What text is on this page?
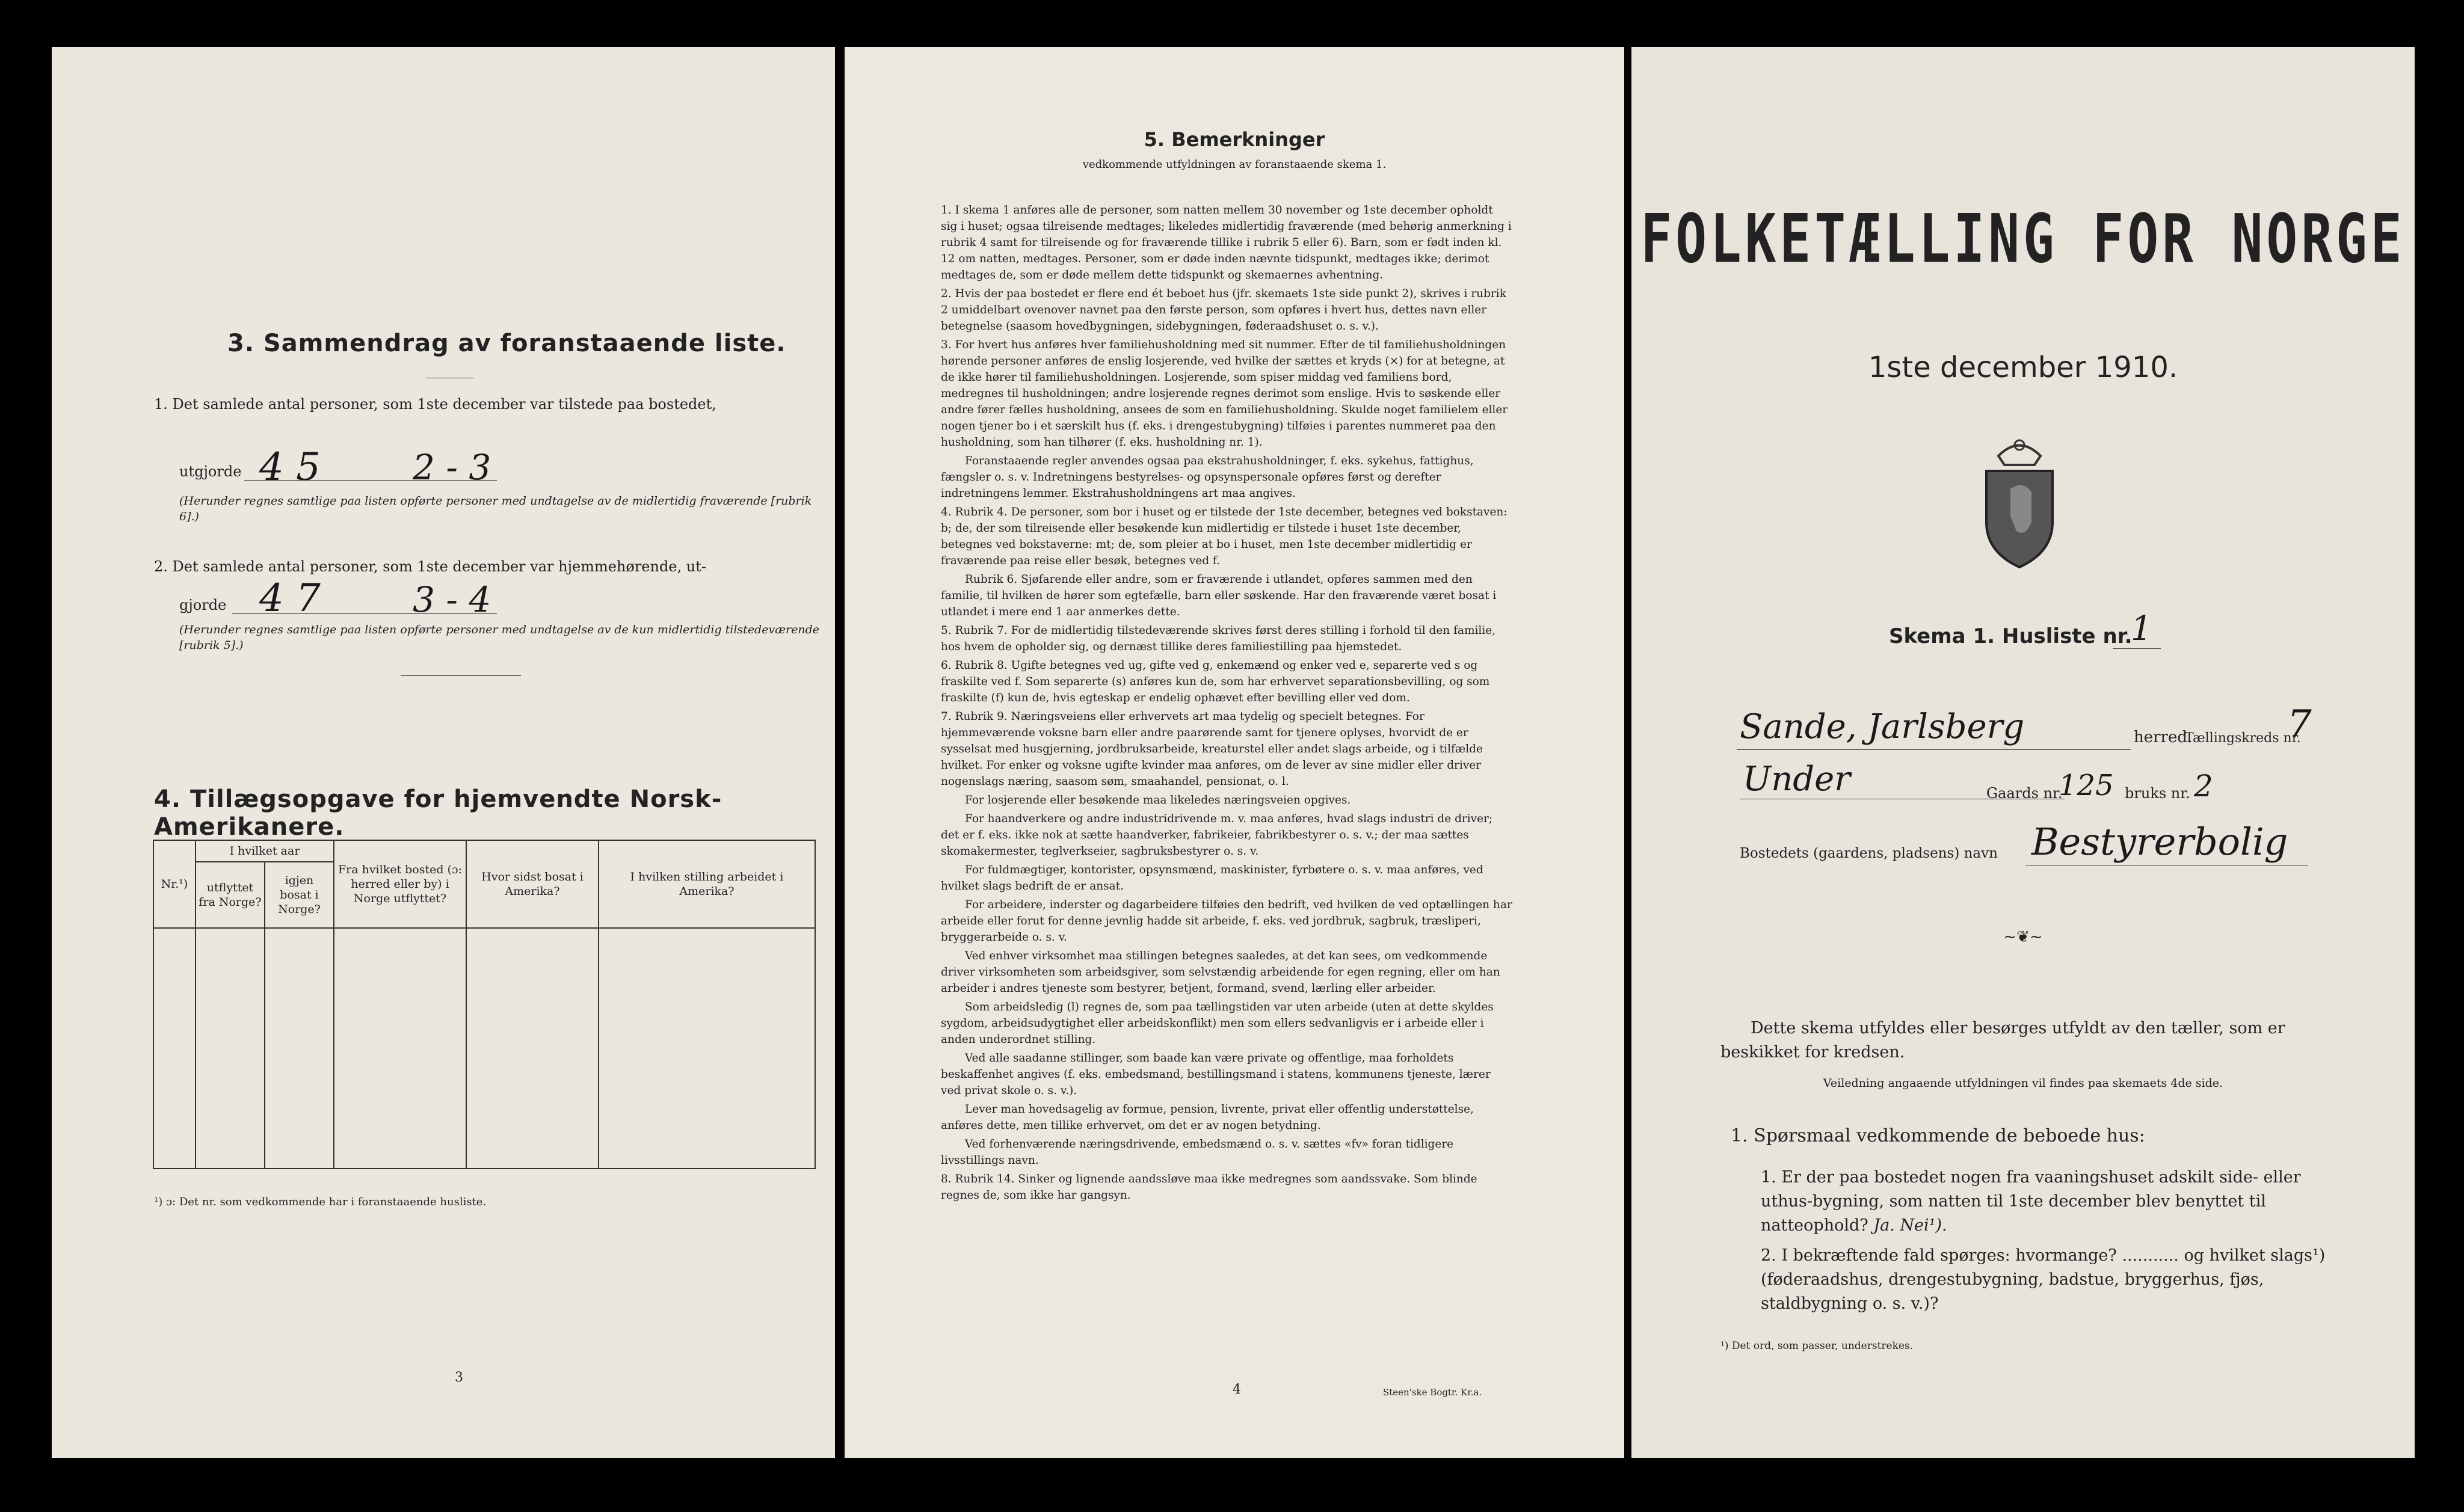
3. Sammendrag av foranstaaende liste.
1. Det samlede antal personer, som 1ste december var tilstede paa bostedet,
utgjorde 4 5	2 - 3
(Herunder regnes samtlige paa listen opførte personer med undtagelse av de midlertidig fraværende [rubrik 6].)
2. Det samlede antal personer, som 1ste december var hjemmehørende, ut-
gjorde 4 7	3 - 4
(Herunder regnes samtlige paa listen opførte personer med undtagelse av de kun midlertidig tilstedeværende [rubrik 5].)
4. Tillægsopgave for hjemvendte Norsk-Amerikanere.
Nr.¹)	I hvilket aar		Fra hvilket bosted (ɔ: herred eller by) i Norge utflyttet?	Hvor sidst bosat i Amerika?	I hvilken stilling arbeidet i Amerika?
	utflyttet fra Norge?	igjen bosat i Norge?			

¹) ɔ: Det nr. som vedkommende har i foranstaaende husliste.
3
5. Bemerkninger
vedkommende utfyldningen av foranstaaende skema 1.

1. I skema 1 anføres alle de personer, som natten mellem 30 november og 1ste december opholdt sig i huset; ogsaa tilreisende medtages; likeledes midlertidig fraværende (med behørig anmerkning i rubrik 4 samt for tilreisende og for fraværende tillike i rubrik 5 eller 6). Barn, som er født inden kl. 12 om natten, medtages. Personer, som er døde inden nævnte tidspunkt, medtages ikke; derimot medtages de, som er døde mellem dette tidspunkt og skemaernes avhentning.

2. Hvis der paa bostedet er flere end ét beboet hus (jfr. skemaets 1ste side punkt 2), skrives i rubrik 2 umiddelbart ovenover navnet paa den første person, som opføres i hvert hus, dettes navn eller betegnelse (saasom hovedbygningen, sidebygningen, føderaadshuset o. s. v.).

3. For hvert hus anføres hver familiehusholdning med sit nummer. Efter de til familiehusholdningen hørende personer anføres de enslig losjerende, ved hvilke der sættes et kryds (×) for at betegne, at de ikke hører til familiehusholdningen. Losjerende, som spiser middag ved familiens bord, medregnes til husholdningen; andre losjerende regnes derimot som enslige. Hvis to søskende eller andre fører fælles husholdning, ansees de som en familiehusholdning. Skulde noget familielem eller nogen tjener bo i et særskilt hus (f. eks. i drengestubygning) tilføies i parentes nummeret paa den husholdning, som han tilhører (f. eks. husholdning nr. 1).

Foranstaaende regler anvendes ogsaa paa ekstrahusholdninger, f. eks. sykehus, fattighus, fængsler o. s. v. Indretningens bestyrelses- og opsynspersonale opføres først og derefter indretningens lemmer. Ekstrahusholdningens art maa angives.

4. Rubrik 4. De personer, som bor i huset og er tilstede der 1ste december, betegnes ved bokstaven: b; de, der som tilreisende eller besøkende kun midlertidig er tilstede i huset 1ste december, betegnes ved bokstaverne: mt; de, som pleier at bo i huset, men 1ste december midlertidig er fraværende paa reise eller besøk, betegnes ved f.

Rubrik 6. Sjøfarende eller andre, som er fraværende i utlandet, opføres sammen med den familie, til hvilken de hører som egtefælle, barn eller søskende. Har den fraværende været bosat i utlandet i mere end 1 aar anmerkes dette.

5. Rubrik 7. For de midlertidig tilstedeværende skrives først deres stilling i forhold til den familie, hos hvem de opholder sig, og dernæst tillike deres familiestilling paa hjemstedet.

6. Rubrik 8. Ugifte betegnes ved ug, gifte ved g, enkemænd og enker ved e, separerte ved s og fraskilte ved f. Som separerte (s) anføres kun de, som har erhvervet separationsbevilling, og som fraskilte (f) kun de, hvis egteskap er endelig ophævet efter bevilling eller ved dom.

7. Rubrik 9. Næringsveiens eller erhvervets art maa tydelig og specielt betegnes. For hjemmeværende voksne barn eller andre paarørende samt for tjenere oplyses, hvorvidt de er sysselsat med husgjerning, jordbruksarbeide, kreaturstel eller andet slags arbeide, og i tilfælde hvilket. For enker og voksne ugifte kvinder maa anføres, om de lever av sine midler eller driver nogenslags næring, saasom søm, smaahandel, pensionat, o. l.

For losjerende eller besøkende maa likeledes næringsveien opgives.

For haandverkere og andre industridrivende m. v. maa anføres, hvad slags industri de driver; det er f. eks. ikke nok at sætte haandverker, fabrikeier, fabrikbestyrer o. s. v.; der maa sættes skomakermester, teglverkseier, sagbruksbestyrer o. s. v.

For fuldmægtiger, kontorister, opsynsmænd, maskinister, fyrbøtere o. s. v. maa anføres, ved hvilket slags bedrift de er ansat.

For arbeidere, inderster og dagarbeidere tilføies den bedrift, ved hvilken de ved optællingen har arbeide eller forut for denne jevnlig hadde sit arbeide, f. eks. ved jordbruk, sagbruk, træsliperi, bryggerarbeide o. s. v.

Ved enhver virksomhet maa stillingen betegnes saaledes, at det kan sees, om vedkommende driver virksomheten som arbeidsgiver, som selvstændig arbeidende for egen regning, eller om han arbeider i andres tjeneste som bestyrer, betjent, formand, svend, lærling eller arbeider.

Som arbeidsledig (l) regnes de, som paa tællingstiden var uten arbeide (uten at dette skyldes sygdom, arbeidsudygtighet eller arbeidskonflikt) men som ellers sedvanligvis er i arbeide eller i anden underordnet stilling.

Ved alle saadanne stillinger, som baade kan være private og offentlige, maa forholdets beskaffenhet angives (f. eks. embedsmand, bestillingsmand i statens, kommunens tjeneste, lærer ved privat skole o. s. v.).

Lever man hovedsagelig av formue, pension, livrente, privat eller offentlig understøttelse, anføres dette, men tillike erhvervet, om det er av nogen betydning.

Ved forhenværende næringsdrivende, embedsmænd o. s. v. sættes «fv» foran tidligere livsstillings navn.

8. Rubrik 14. Sinker og lignende aandssløve maa ikke medregnes som aandssvake. Som blinde regnes de, som ikke har gangsyn.

4	Steen'ske Bogtr. Kr.a.
FOLKETÆLLING FOR NORGE
1ste december 1910.
Skema 1. Husliste nr.
1
Sande, Jarlsberg	herred.
Tællingskreds nr.
7
Under	Gaards nr.
125 bruks nr. 2
Bostedets (gaardens, pladsens) navn Bestyrerbolig
~❦~
Dette skema utfyldes eller besørges utfyldt av den tæller, som er beskikket for kredsen.
Veiledning angaaende utfyldningen vil findes paa skemaets 4de side.
1. Spørsmaal vedkommende de beboede hus:
1. Er der paa bostedet nogen fra vaaningshuset adskilt side- eller uthus-bygning, som natten til 1ste december blev benyttet til natteophold? Ja. Nei¹).
2. I bekræftende fald spørges: hvormange? ........... og hvilket slags¹) (føderaadshus, drengestubygning, badstue, bryggerhus, fjøs, staldbygning o. s. v.)?
¹) Det ord, som passer, understrekes.
